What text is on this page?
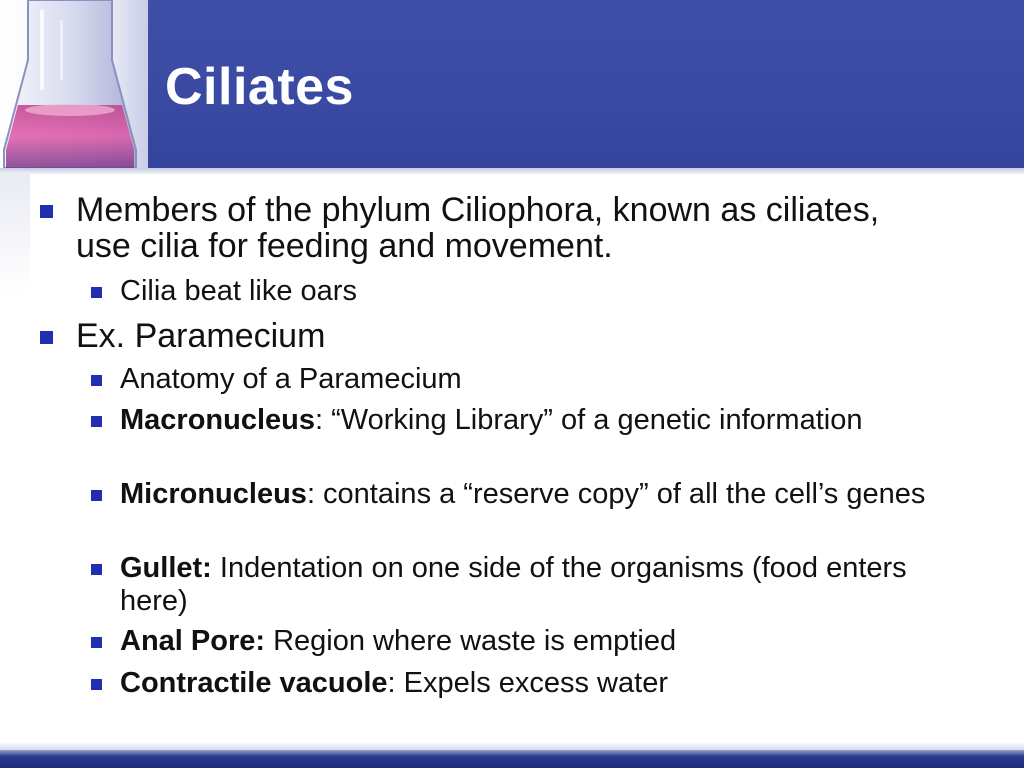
Ciliates
Members of the phylum Ciliophora, known as ciliates, use cilia for feeding and movement.
Cilia beat like oars
Ex. Paramecium
Anatomy of a Paramecium
Macronucleus: “Working Library” of a genetic information
Micronucleus: contains a “reserve copy” of all the cell’s genes
Gullet: Indentation on one side of the organisms (food enters here)
Anal Pore: Region where waste is emptied
Contractile vacuole: Expels excess water
